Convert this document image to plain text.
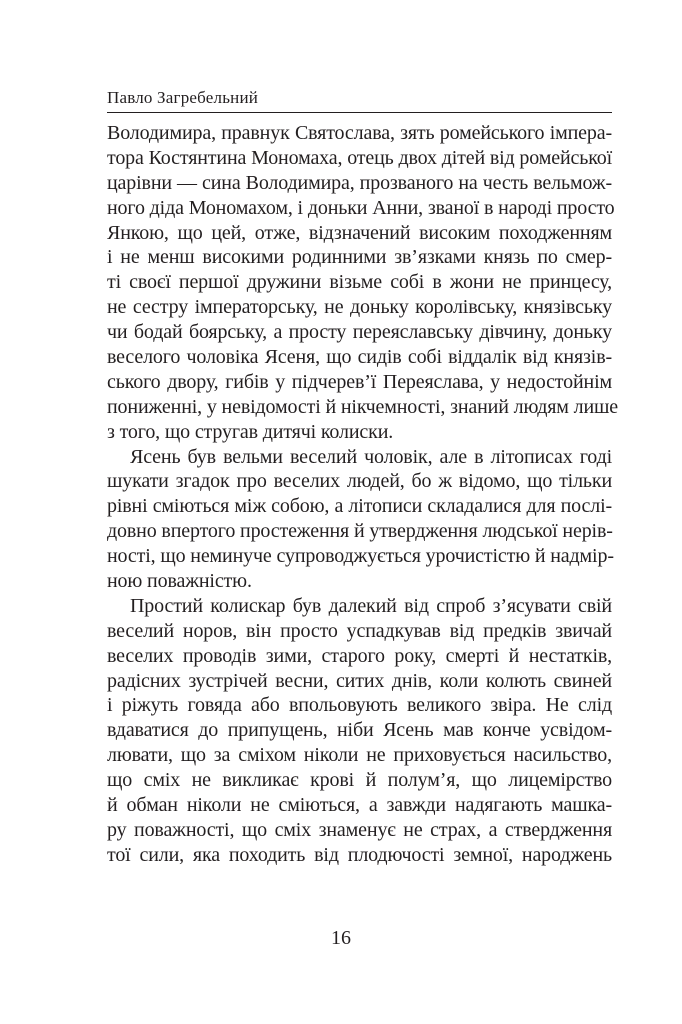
Павло Загребельний
Володимира, правнук Святослава, зять ромейського імпера-
тора Костянтина Мономаха, отець двох дітей від ромейської
царівни — сина Володимира, прозваного на честь вельмож-
ного діда Мономахом, і доньки Анни, званої в народі просто
Янкою, що цей, отже, відзначений високим походженням
і не менш високими родинними зв’язками князь по смер-
ті своєї першої дружини візьме собі в жони не принцесу,
не сестру імператорську, не доньку королівську, князівську
чи бодай боярську, а просту переяславську дівчину, доньку
веселого чоловіка Ясеня, що сидів собі віддалік від князів-
ського двору, гибів у підчерев’ї Переяслава, у недостойнім
пониженні, у невідомості й нікчемності, знаний людям лише
з того, що стругав дитячі колиски.
Ясень був вельми веселий чоловік, але в літописах годі
шукати згадок про веселих людей, бо ж відомо, що тільки
рівні сміються між собою, а літописи складалися для послі-
довно впертого простеження й утвердження людської нерів-
ності, що неминуче супроводжується урочистістю й надмір-
ною поважністю.
Простий колискар був далекий від спроб з’ясувати свій
веселий норов, він просто успадкував від предків звичай
веселих проводів зими, старого року, смерті й нестатків,
радісних зустрічей весни, ситих днів, коли колють свиней
і ріжуть говяда або впольовують великого звіра. Не слід
вдаватися до припущень, ніби Ясень мав конче усвідом-
лювати, що за сміхом ніколи не приховується насильство,
що сміх не викликає крові й полум’я, що лицемірство
й обман ніколи не сміються, а завжди надягають машка-
ру поважності, що сміх знаменує не страх, а ствердження
тої сили, яка походить від плодючості земної, народжень
16
